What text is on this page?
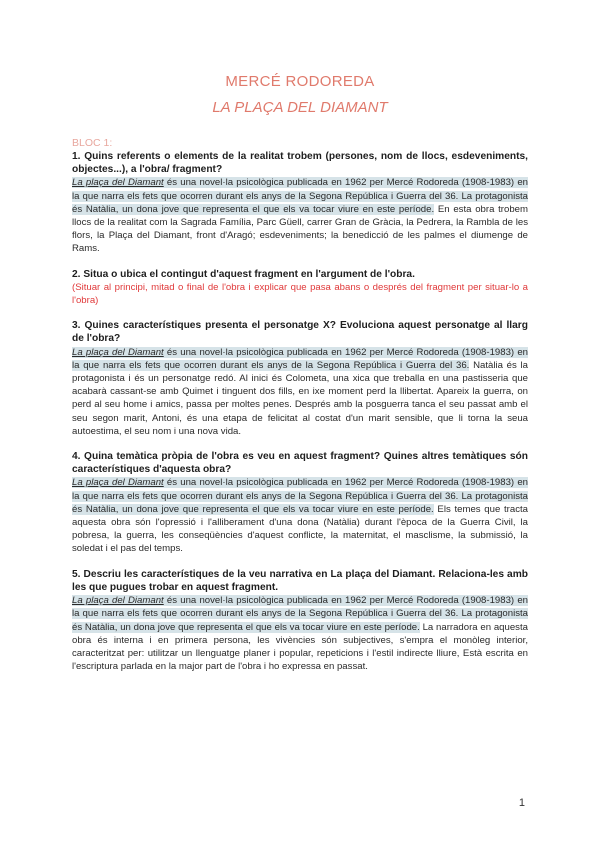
MERCÉ RODOREDA
LA PLAÇA DEL DIAMANT
BLOC 1:

1. Quins referents o elements de la realitat trobem (persones, nom de llocs, esdeveniments, objectes...), a l'obra/ fragment?

La plaça del Diamant és una novel·la psicològica publicada en 1962 per Mercé Rodoreda (1908-1983) en la que narra els fets que ocorren durant els anys de la Segona República i Guerra del 36. La protagonista és Natàlia, un dona jove que representa el que els va tocar viure en este període. En esta obra trobem llocs de la realitat com la Sagrada Família, Parc Güell, carrer Gran de Gràcia, la Pedrera, la Rambla de les flors, la Plaça del Diamant, front d'Aragó; esdeveniments; la benedicció de les palmes el diumenge de Rams.

2. Situa o ubica el contingut d'aquest fragment en l'argument de l'obra.

(Situar al principi, mitad o final de l'obra i explicar que pasa abans o després del fragment per situar-lo a l'obra)

3. Quines característiques presenta el personatge X? Evoluciona aquest personatge al llarg de l'obra?

La plaça del Diamant és una novel·la psicològica publicada en 1962 per Mercé Rodoreda (1908-1983) en la que narra els fets que ocorren durant els anys de la Segona República i Guerra del 36. Natàlia és la protagonista i és un personatge redó. Al inici és Colometa, una xica que treballa en una pastisseria que acabarà cassant-se amb Quimet i tinguent dos fills, en ixe moment perd la llibertat. Apareix la guerra, on perd al seu home i amics, passa per moltes penes. Després amb la posguerra tanca el seu passat amb el seu segon marit, Antoni, és una etapa de felicitat al costat d'un marit sensible, que li torna la seua autoestima, el seu nom i una nova vida.

4. Quina temàtica pròpia de l'obra es veu en aquest fragment? Quines altres temàtiques són característiques d'aquesta obra?

La plaça del Diamant és una novel·la psicològica publicada en 1962 per Mercé Rodoreda (1908-1983) en la que narra els fets que ocorren durant els anys de la Segona República i Guerra del 36. La protagonista és Natàlia, un dona jove que representa el que els va tocar viure en este període. Els temes que tracta aquesta obra són l'opressió i l'alliberament d'una dona (Natàlia) durant l'època de la Guerra Civil, la pobresa, la guerra, les conseqüències d'aquest conflicte, la maternitat, el masclisme, la submissió, la soledat i el pas del temps.

5. Descriu les característiques de la veu narrativa en La plaça del Diamant. Relaciona-les amb les que pugues trobar en aquest fragment.

La plaça del Diamant és una novel·la psicològica publicada en 1962 per Mercé Rodoreda (1908-1983) en la que narra els fets que ocorren durant els anys de la Segona República i Guerra del 36. La protagonista és Natàlia, un dona jove que representa el que els va tocar viure en este període. La narradora en aquesta obra és interna i en primera persona, les vivències són subjectives, s'empra el monòleg interior, caracteritzat per: utilitzar un llenguatge planer i popular, repeticions i l'estil indirecte lliure, Està escrita en l'escriptura parlada en la major part de l'obra i ho expressa en passat.

1
